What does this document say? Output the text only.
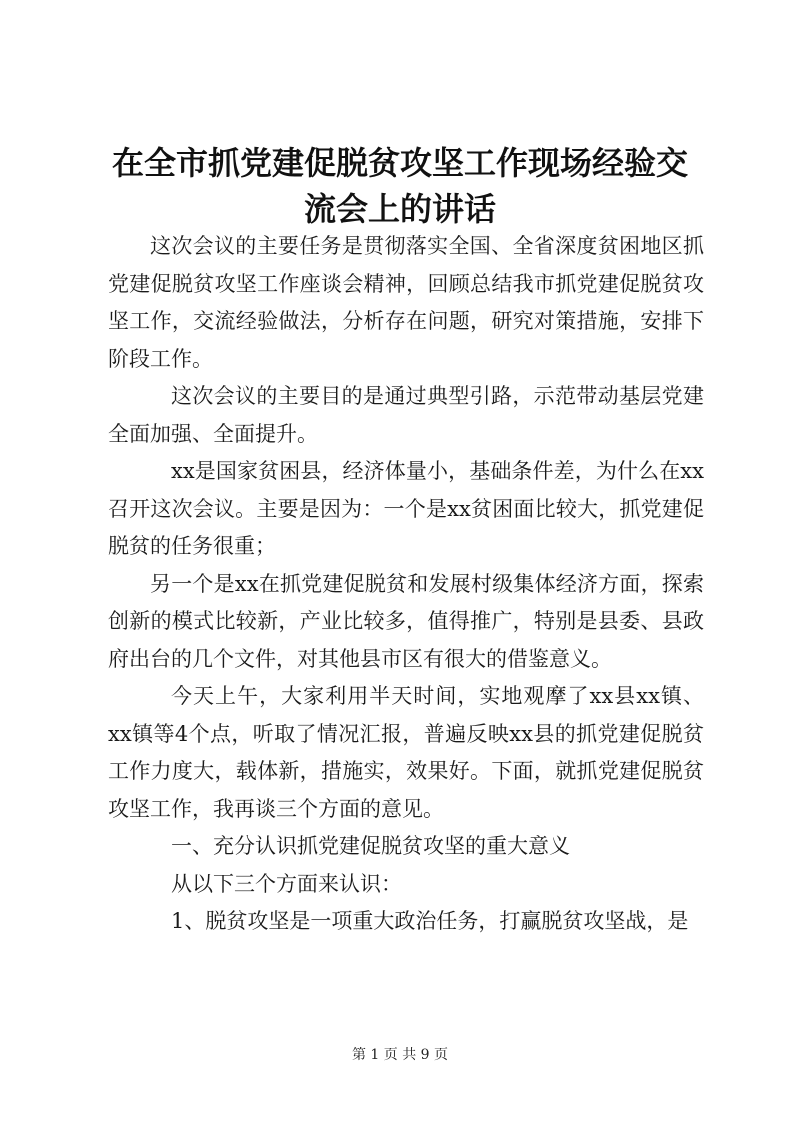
在全市抓党建促脱贫攻坚工作现场经验交流会上的讲话

这次会议的主要任务是贯彻落实全国、全省深度贫困地区抓党建促脱贫攻坚工作座谈会精神，回顾总结我市抓党建促脱贫攻坚工作，交流经验做法，分析存在问题，研究对策措施，安排下阶段工作。

这次会议的主要目的是通过典型引路，示范带动基层党建全面加强、全面提升。

xx是国家贫困县，经济体量小，基础条件差，为什么在xx召开这次会议。主要是因为：一个是xx贫困面比较大，抓党建促脱贫的任务很重；

另一个是xx在抓党建促脱贫和发展村级集体经济方面，探索创新的模式比较新，产业比较多，值得推广，特别是县委、县政府出台的几个文件，对其他县市区有很大的借鉴意义。

今天上午，大家利用半天时间，实地观摩了xx县xx镇、xx镇等4个点，听取了情况汇报，普遍反映xx县的抓党建促脱贫工作力度大，载体新，措施实，效果好。下面，就抓党建促脱贫攻坚工作，我再谈三个方面的意见。

一、充分认识抓党建促脱贫攻坚的重大意义

从以下三个方面来认识：

1、脱贫攻坚是一项重大政治任务，打赢脱贫攻坚战，是

第 1 页 共 9 页
